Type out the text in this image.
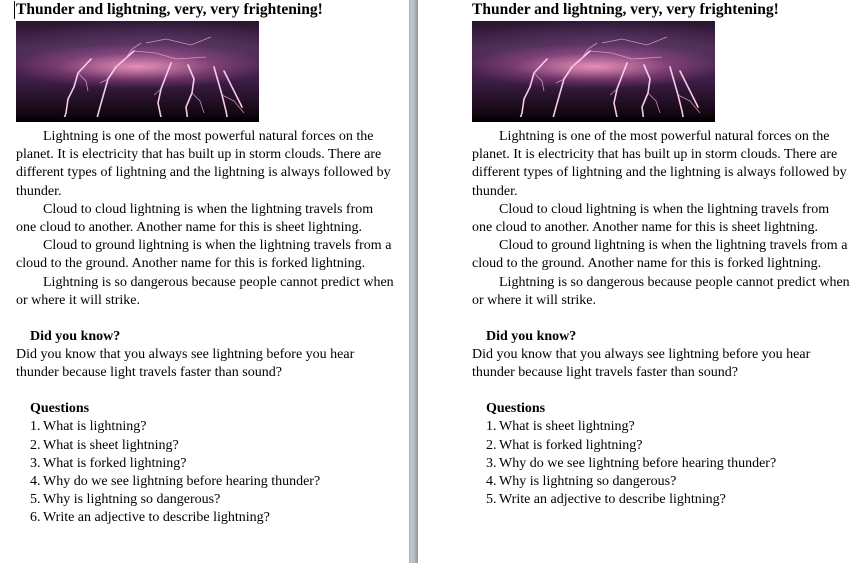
Thunder and lightning, very, very frightening!

Lightning is one of the most powerful natural forces on the planet. It is electricity that has built up in storm clouds. There are different types of lightning and the lightning is always followed by thunder.

Cloud to cloud lightning is when the lightning travels from one cloud to another. Another name for this is sheet lightning.

Cloud to ground lightning is when the lightning travels from a cloud to the ground. Another name for this is forked lightning.

Lightning is so dangerous because people cannot predict when or where it will strike.

Did you know?

Did you know that you always see lightning before you hear thunder because light travels faster than sound?

Questions
1. What is lightning?
2. What is sheet lightning?
3. What is forked lightning?
4. Why do we see lightning before hearing thunder?
5. Why is lightning so dangerous?
6. Write an adjective to describe lightning?
Thunder and lightning, very, very frightening!

Lightning is one of the most powerful natural forces on the planet. It is electricity that has built up in storm clouds. There are different types of lightning and the lightning is always followed by thunder.

Cloud to cloud lightning is when the lightning travels from one cloud to another. Another name for this is sheet lightning.

Cloud to ground lightning is when the lightning travels from a cloud to the ground. Another name for this is forked lightning.

Lightning is so dangerous because people cannot predict when or where it will strike.

Did you know?

Did you know that you always see lightning before you hear thunder because light travels faster than sound?

Questions
1. What is sheet lightning?
2. What is forked lightning?
3. Why do we see lightning before hearing thunder?
4. Why is lightning so dangerous?
5. Write an adjective to describe lightning?
